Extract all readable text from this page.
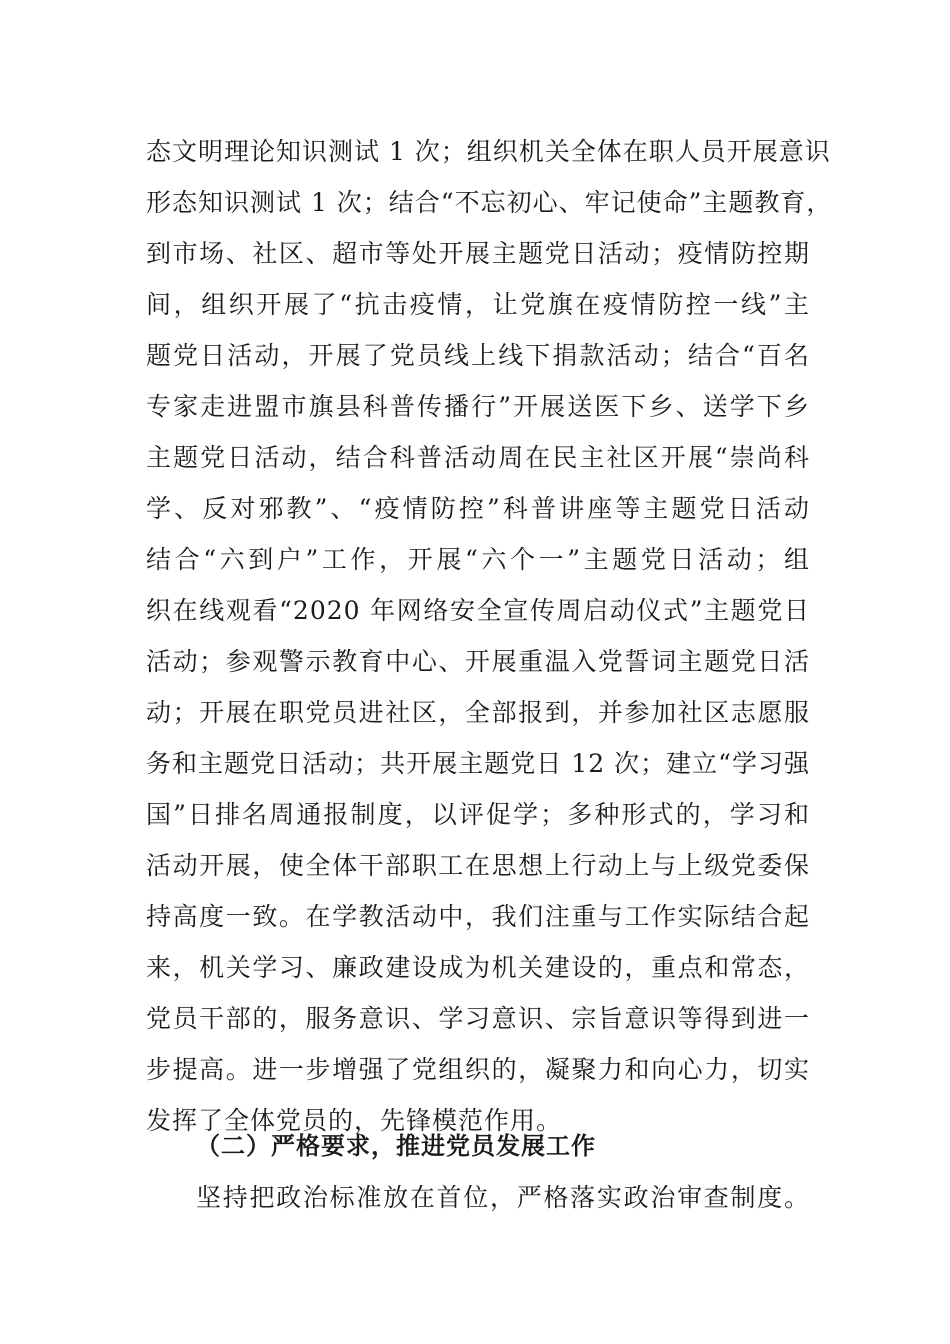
态文明理论知识测试 1 次；组织机关全体在职人员开展意识
形态知识测试 1 次；结合“不忘初心、牢记使命”主题教育，
到市场、社区、超市等处开展主题党日活动；疫情防控期
间，组织开展了“抗击疫情，让党旗在疫情防控一线”主
题党日活动，开展了党员线上线下捐款活动；结合“百名
专家走进盟市旗县科普传播行”开展送医下乡、送学下乡
主题党日活动，结合科普活动周在民主社区开展“崇尚科
学、反对邪教”、“疫情防控”科普讲座等主题党日活动
结合“六到户”工作，开展“六个一”主题党日活动；组
织在线观看“2020 年网络安全宣传周启动仪式”主题党日
活动；参观警示教育中心、开展重温入党誓词主题党日活
动；开展在职党员进社区，全部报到，并参加社区志愿服
务和主题党日活动；共开展主题党日 12 次；建立“学习强
国”日排名周通报制度，以评促学；多种形式的，学习和
活动开展，使全体干部职工在思想上行动上与上级党委保
持高度一致。在学教活动中，我们注重与工作实际结合起
来，机关学习、廉政建设成为机关建设的，重点和常态，
党员干部的，服务意识、学习意识、宗旨意识等得到进一
步提高。进一步增强了党组织的，凝聚力和向心力，切实
发挥了全体党员的，先锋模范作用。
（二）严格要求，推进党员发展工作
坚持把政治标准放在首位，严格落实政治审查制度。
